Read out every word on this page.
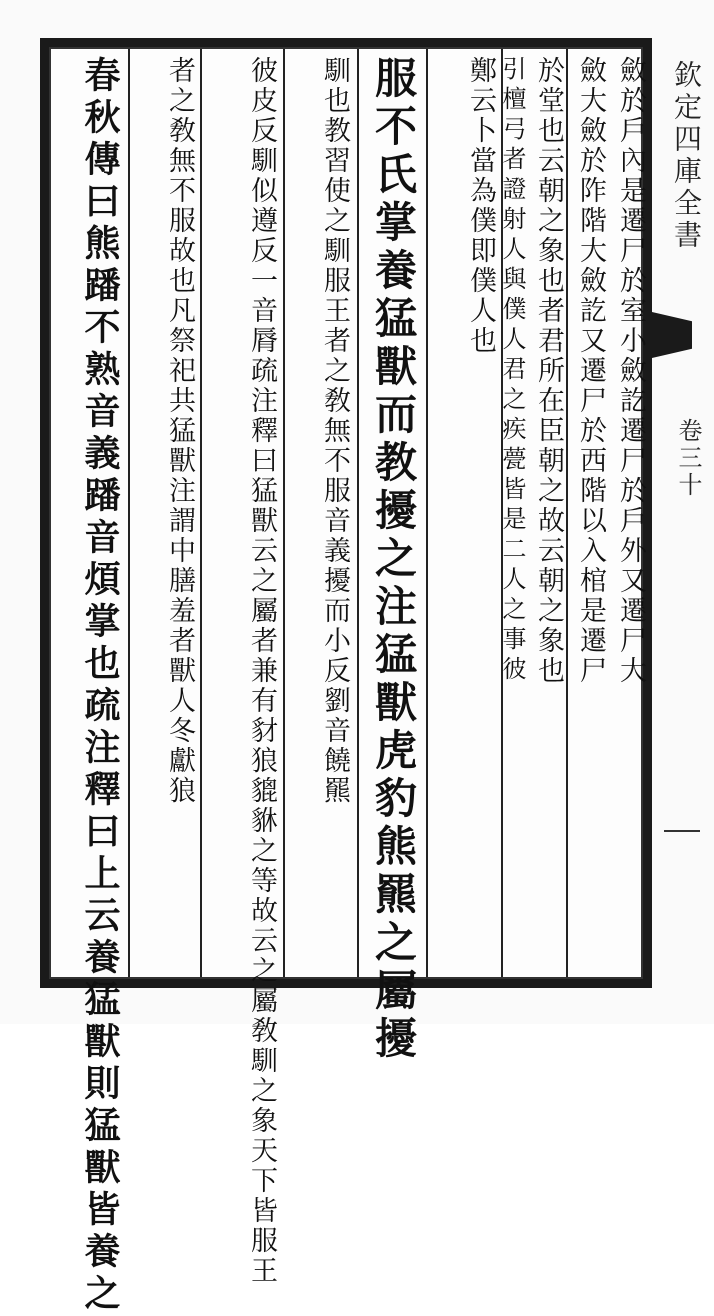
斂於戶內是遷尸於室小斂訖遷尸於戶外又遷尸大
斂大斂於阼階大斂訖又遷尸於西階以入棺是遷尸
於堂也云朝之象也者君所在臣朝之故云朝之象也
引檀弓者證射人與僕人君之疾甍皆是二人之事彼
鄭云卜當為僕即僕人也
服不氏掌養猛獸而教擾之注猛獸虎豹熊羆之屬擾
馴也教習使之馴服王者之敎無不服音義擾而小反劉音饒羆
彼皮反馴似遵反一音脣疏注釋曰猛獸云之屬者兼有豺狼貔貅之等故云之屬敎馴之象天下皆服王
者之敎無不服故也凡祭祀共猛獸注謂中膳羞者獸人冬獻狼
春秋傳曰熊蹯不熟音義蹯音煩掌也疏注釋曰上云養猛獸則猛獸皆養之	欽定四庫全書
卷三十
